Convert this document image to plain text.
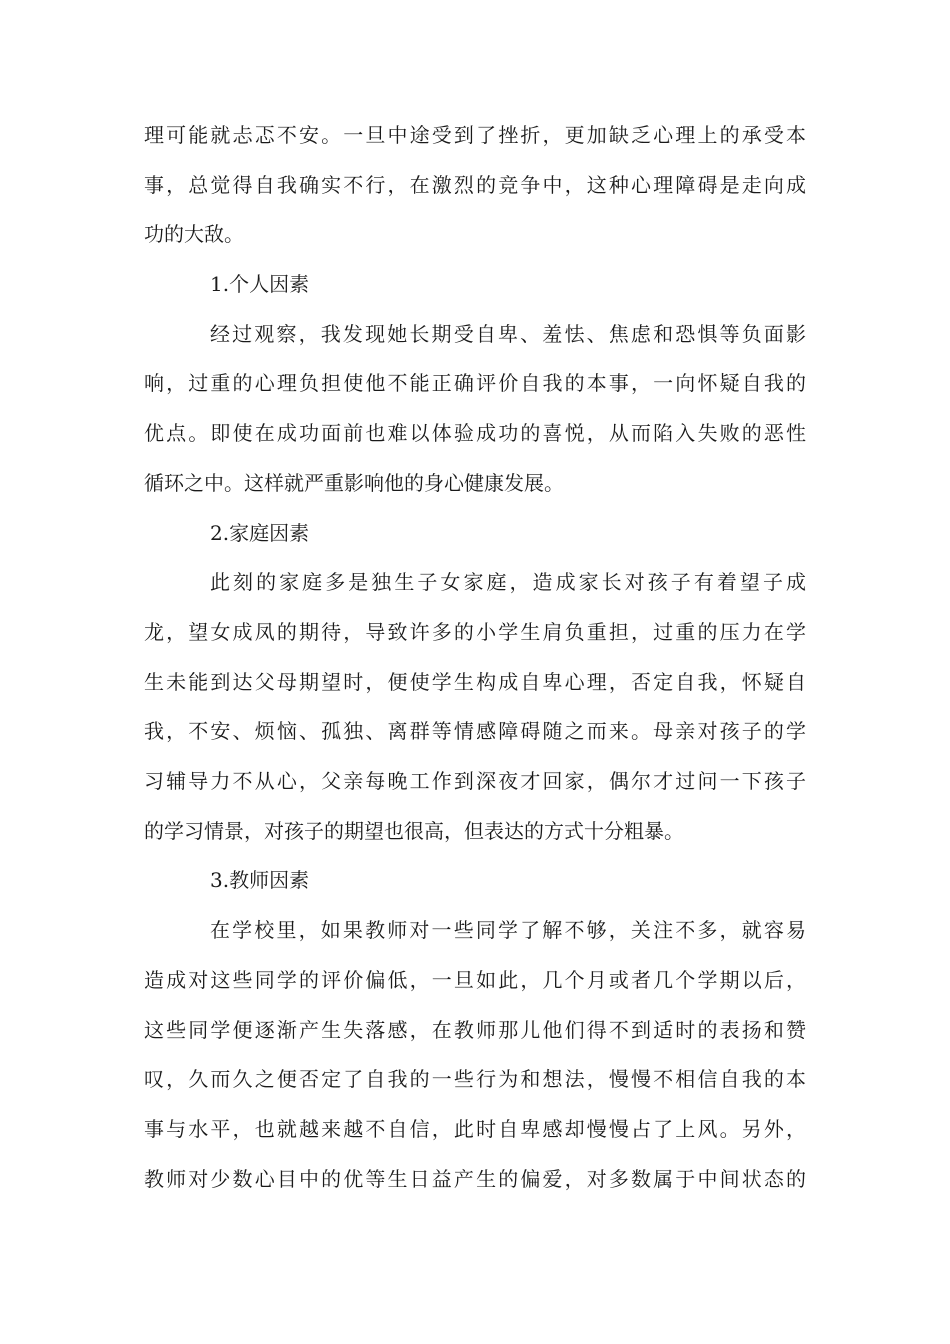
理可能就忐忑不安。一旦中途受到了挫折，更加缺乏心理上的承受本
事，总觉得自我确实不行，在激烈的竞争中，这种心理障碍是走向成
功的大敌。
1.个人因素
经过观察，我发现她长期受自卑、羞怯、焦虑和恐惧等负面影
响，过重的心理负担使他不能正确评价自我的本事，一向怀疑自我的
优点。即使在成功面前也难以体验成功的喜悦，从而陷入失败的恶性
循环之中。这样就严重影响他的身心健康发展。
2.家庭因素
此刻的家庭多是独生子女家庭，造成家长对孩子有着望子成
龙，望女成凤的期待，导致许多的小学生肩负重担，过重的压力在学
生未能到达父母期望时，便使学生构成自卑心理，否定自我，怀疑自
我，不安、烦恼、孤独、离群等情感障碍随之而来。母亲对孩子的学
习辅导力不从心，父亲每晚工作到深夜才回家，偶尔才过问一下孩子
的学习情景，对孩子的期望也很高，但表达的方式十分粗暴。
3.教师因素
在学校里，如果教师对一些同学了解不够，关注不多，就容易
造成对这些同学的评价偏低，一旦如此，几个月或者几个学期以后，
这些同学便逐渐产生失落感，在教师那儿他们得不到适时的表扬和赞
叹，久而久之便否定了自我的一些行为和想法，慢慢不相信自我的本
事与水平，也就越来越不自信，此时自卑感却慢慢占了上风。另外，
教师对少数心目中的优等生日益产生的偏爱，对多数属于中间状态的
